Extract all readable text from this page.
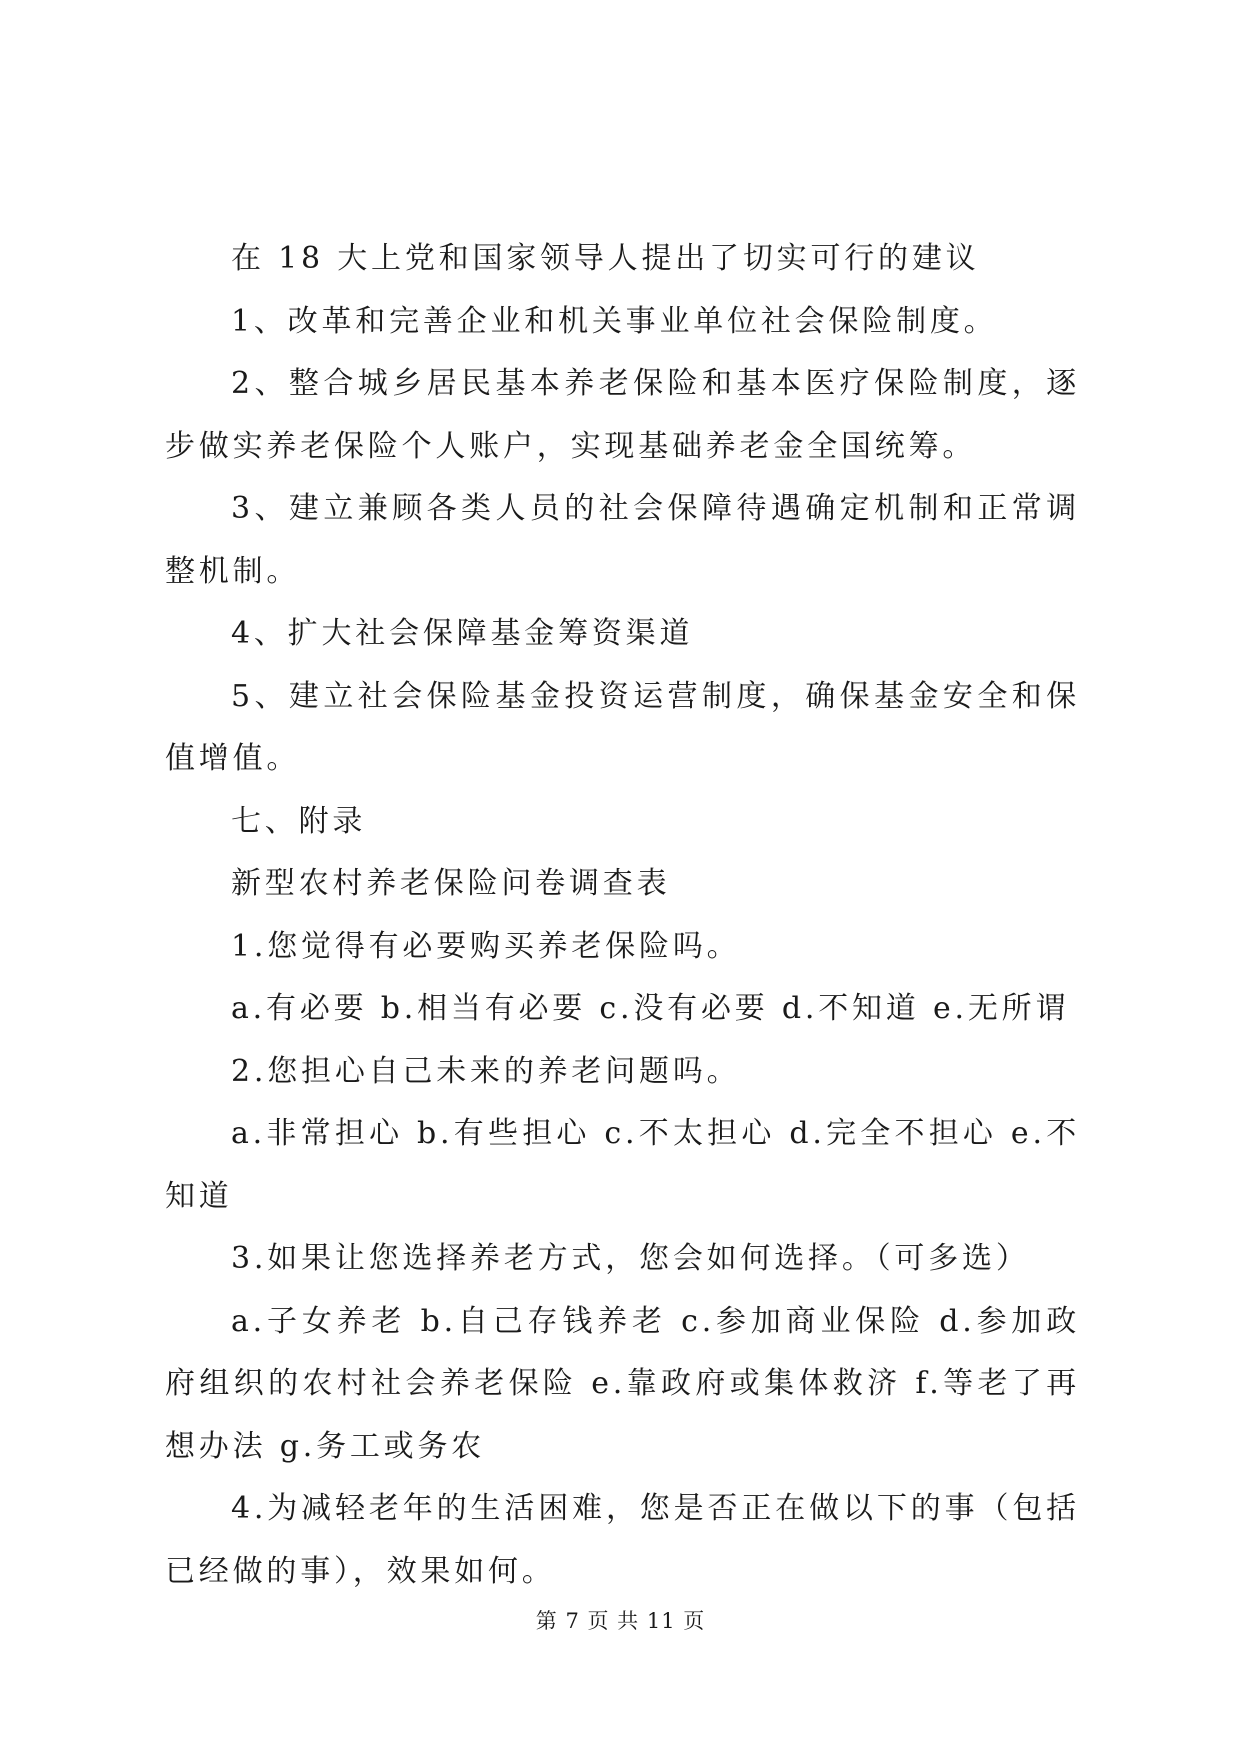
在 18 大上党和国家领导人提出了切实可行的建议

1、改革和完善企业和机关事业单位社会保险制度。

2、整合城乡居民基本养老保险和基本医疗保险制度，逐步做实养老保险个人账户，实现基础养老金全国统筹。

3、建立兼顾各类人员的社会保障待遇确定机制和正常调整机制。

4、扩大社会保障基金筹资渠道

5、建立社会保险基金投资运营制度，确保基金安全和保值增值。

七、附录

新型农村养老保险问卷调查表

1.您觉得有必要购买养老保险吗。

a.有必要 b.相当有必要 c.没有必要 d.不知道 e.无所谓

2.您担心自己未来的养老问题吗。

a.非常担心 b.有些担心 c.不太担心 d.完全不担心 e.不知道

3.如果让您选择养老方式，您会如何选择。（可多选）

a.子女养老 b.自己存钱养老 c.参加商业保险 d.参加政府组织的农村社会养老保险 e.靠政府或集体救济 f.等老了再想办法 g.务工或务农

4.为减轻老年的生活困难，您是否正在做以下的事（包括已经做的事），效果如何。

第 7 页 共 11 页
